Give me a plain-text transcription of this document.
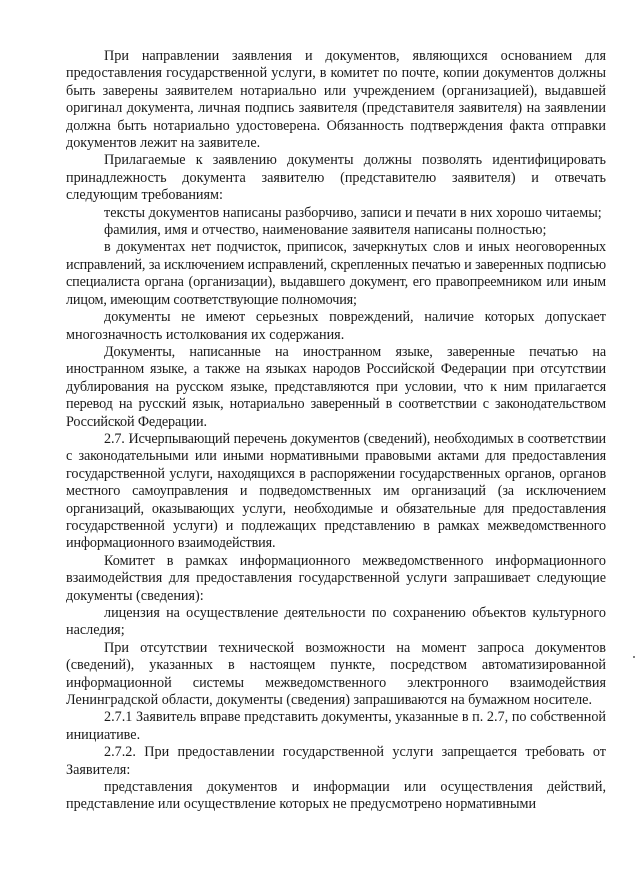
При направлении заявления и документов, являющихся основанием для предоставления государственной услуги, в комитет по почте, копии документов должны быть заверены заявителем нотариально или учреждением (организацией), выдавшей оригинал документа, личная подпись заявителя (представителя заявителя) на заявлении должна быть нотариально удостоверена. Обязанность подтверждения факта отправки документов лежит на заявителе.

Прилагаемые к заявлению документы должны позволять идентифицировать принадлежность документа заявителю (представителю заявителя) и отвечать следующим требованиям:

тексты документов написаны разборчиво, записи и печати в них хорошо читаемы;

фамилия, имя и отчество, наименование заявителя написаны полностью;

в документах нет подчисток, приписок, зачеркнутых слов и иных неоговоренных исправлений, за исключением исправлений, скрепленных печатью и заверенных подписью специалиста органа (организации), выдавшего документ, его правопреемником или иным лицом, имеющим соответствующие полномочия;

документы не имеют серьезных повреждений, наличие которых допускает многозначность истолкования их содержания.

Документы, написанные на иностранном языке, заверенные печатью на иностранном языке, а также на языках народов Российской Федерации при отсутствии дублирования на русском языке, представляются при условии, что к ним прилагается перевод на русский язык, нотариально заверенный в соответствии с законодательством Российской Федерации.

2.7. Исчерпывающий перечень документов (сведений), необходимых в соответствии с законодательными или иными нормативными правовыми актами для предоставления государственной услуги, находящихся в распоряжении государственных органов, органов местного самоуправления и подведомственных им организаций (за исключением организаций, оказывающих услуги, необходимые и обязательные для предоставления государственной услуги) и подлежащих представлению в рамках межведомственного информационного взаимодействия.

Комитет в рамках информационного межведомственного информационного взаимодействия для предоставления государственной услуги запрашивает следующие документы (сведения):

лицензия на осуществление деятельности по сохранению объектов культурного наследия;

При отсутствии технической возможности на момент запроса документов (сведений), указанных в настоящем пункте, посредством автоматизированной информационной системы межведомственного электронного взаимодействия Ленинградской области, документы (сведения) запрашиваются на бумажном носителе.

2.7.1 Заявитель вправе представить документы, указанные в п. 2.7, по собственной инициативе.

2.7.2. При предоставлении государственной услуги запрещается требовать от Заявителя:

представления документов и информации или осуществления действий, представление или осуществление которых не предусмотрено нормативными
